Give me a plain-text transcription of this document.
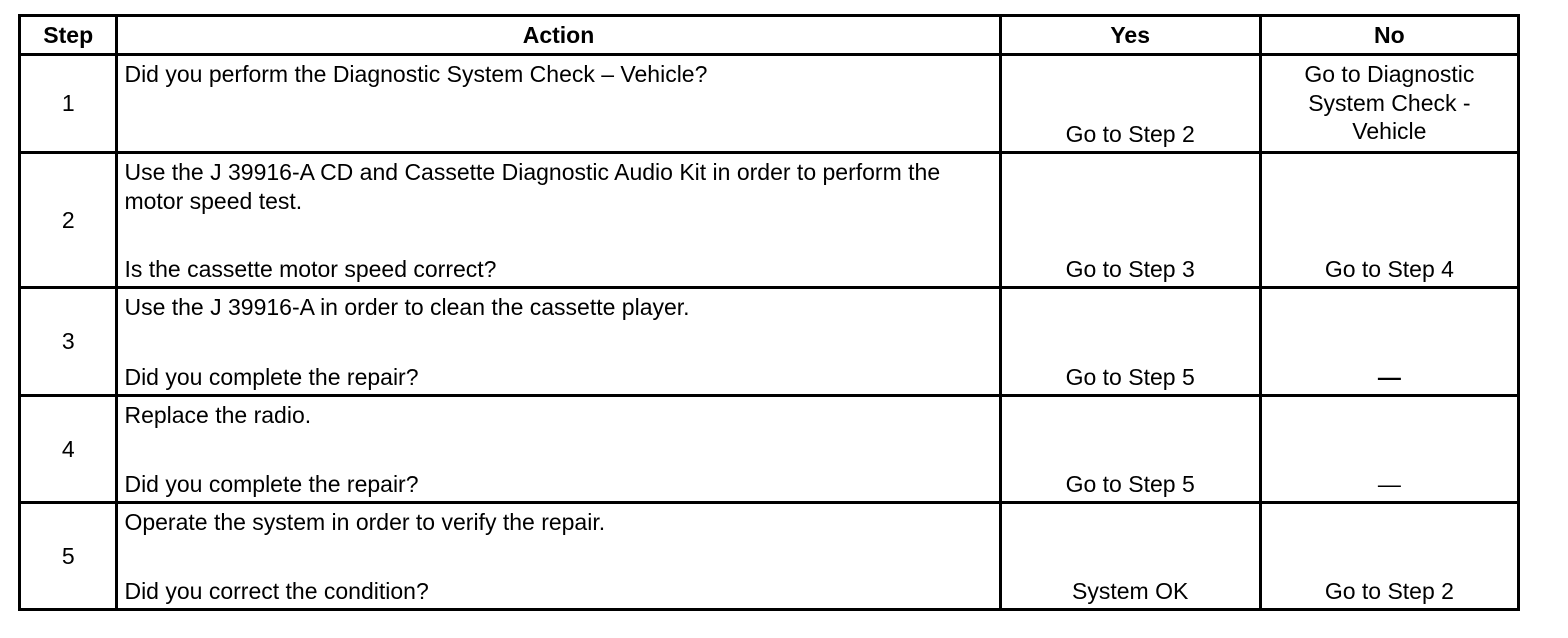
Step	Action	Yes	No
1	Did you perform the Diagnostic System Check – Vehicle?	Go to Step 2	Go to Diagnostic System Check - Vehicle

2	Use the J 39916-A CD and Cassette Diagnostic Audio Kit in order to perform the motor speed test.
Is the cassette motor speed correct?	Go to Step 3	Go to Step 4

3	Use the J 39916-A in order to clean the cassette player.
Did you complete the repair?	Go to Step 5	—

4	Replace the radio.
Did you complete the repair?	Go to Step 5	—

5	Operate the system in order to verify the repair.
Did you correct the condition?	System OK	Go to Step 2
